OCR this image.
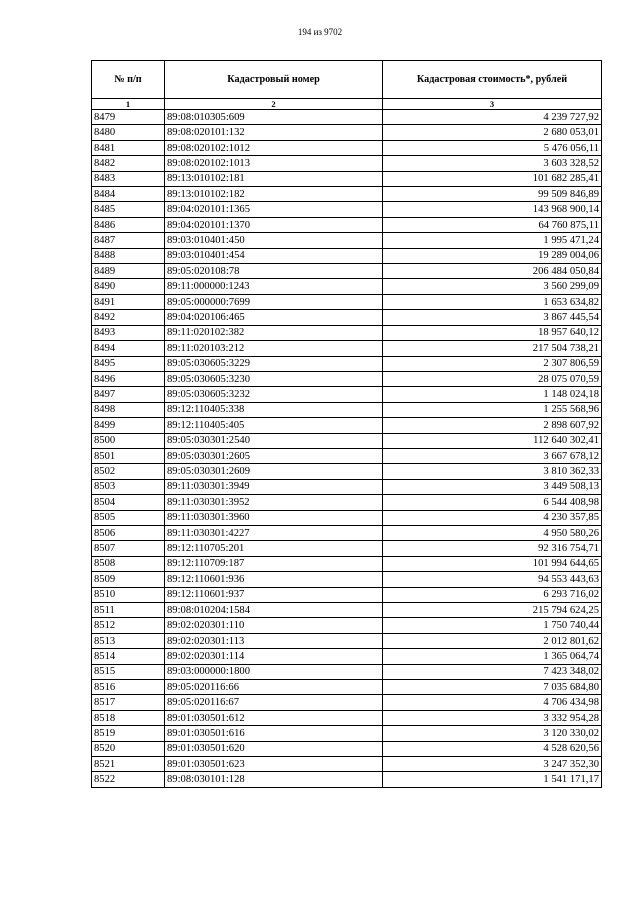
194 из 9702
№ п/п	Кадастровый номер	Кадастровая стоимость*, рублей
1	2	3
8479	89:08:010305:609	4 239 727,92
8480	89:08:020101:132	2 680 053,01
8481	89:08:020102:1012	5 476 056,11
8482	89:08:020102:1013	3 603 328,52
8483	89:13:010102:181	101 682 285,41
8484	89:13:010102:182	99 509 846,89
8485	89:04:020101:1365	143 968 900,14
8486	89:04:020101:1370	64 760 875,11
8487	89:03:010401:450	1 995 471,24
8488	89:03:010401:454	19 289 004,06
8489	89:05:020108:78	206 484 050,84
8490	89:11:000000:1243	3 560 299,09
8491	89:05:000000:7699	1 653 634,82
8492	89:04:020106:465	3 867 445,54
8493	89:11:020102:382	18 957 640,12
8494	89:11:020103:212	217 504 738,21
8495	89:05:030605:3229	2 307 806,59
8496	89:05:030605:3230	28 075 070,59
8497	89:05:030605:3232	1 148 024,18
8498	89:12:110405:338	1 255 568,96
8499	89:12:110405:405	2 898 607,92
8500	89:05:030301:2540	112 640 302,41
8501	89:05:030301:2605	3 667 678,12
8502	89:05:030301:2609	3 810 362,33
8503	89:11:030301:3949	3 449 508,13
8504	89:11:030301:3952	6 544 408,98
8505	89:11:030301:3960	4 230 357,85
8506	89:11:030301:4227	4 950 580,26
8507	89:12:110705:201	92 316 754,71
8508	89:12:110709:187	101 994 644,65
8509	89:12:110601:936	94 553 443,63
8510	89:12:110601:937	6 293 716,02
8511	89:08:010204:1584	215 794 624,25
8512	89:02:020301:110	1 750 740,44
8513	89:02:020301:113	2 012 801,62
8514	89:02:020301:114	1 365 064,74
8515	89:03:000000:1800	7 423 348,02
8516	89:05:020116:66	7 035 684,80
8517	89:05:020116:67	4 706 434,98
8518	89:01:030501:612	3 332 954,28
8519	89:01:030501:616	3 120 330,02
8520	89:01:030501:620	4 528 620,56
8521	89:01:030501:623	3 247 352,30
8522	89:08:030101:128	1 541 171,17
